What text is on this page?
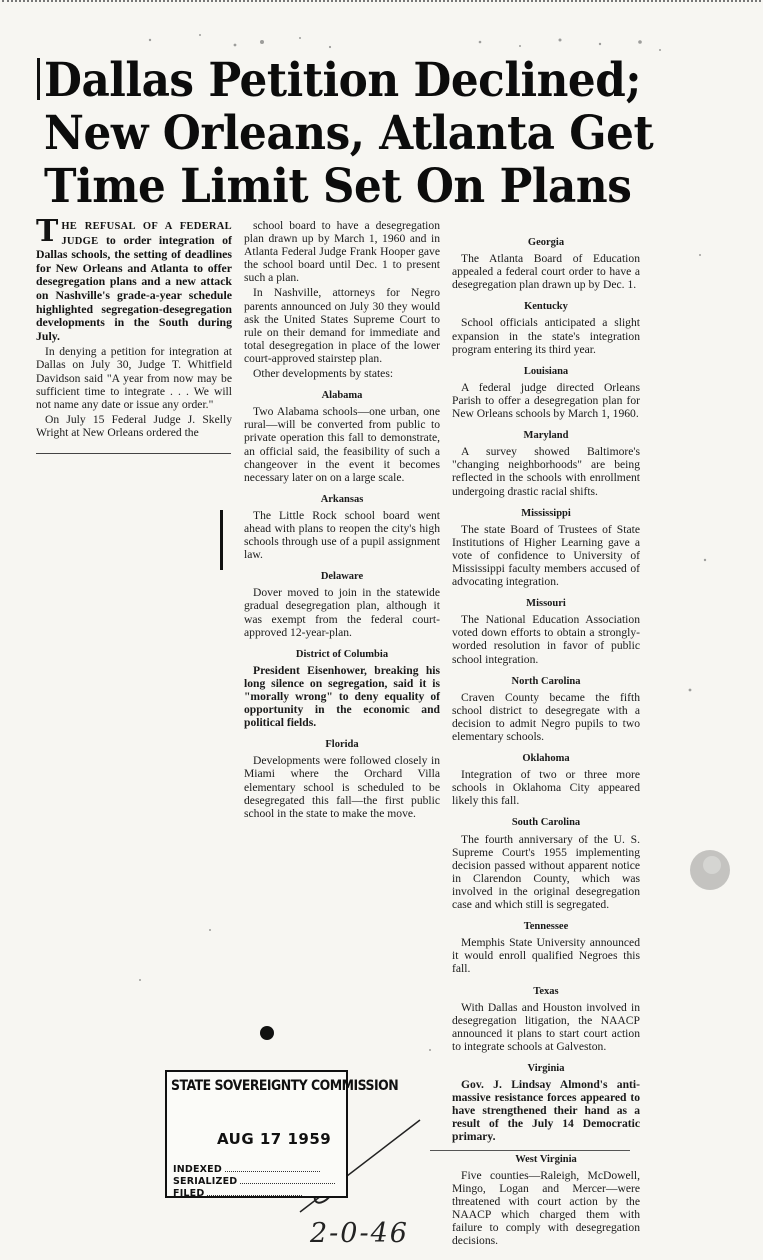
Dallas Petition Declined;
New Orleans, Atlanta Get
Time Limit Set On Plans

THE REFUSAL OF A FEDERAL JUDGE to order integration of Dallas schools, the setting of deadlines for New Orleans and Atlanta to offer desegregation plans and a new attack on Nashville's grade-a-year schedule highlighted segregation-desegregation developments in the South during July.

In denying a petition for integration at Dallas on July 30, Judge T. Whitfield Davidson said "A year from now may be sufficient time to integrate . . . We will not name any date or issue any order."

On July 15 Federal Judge J. Skelly Wright at New Orleans ordered the

school board to have a desegregation plan drawn up by March 1, 1960 and in Atlanta Federal Judge Frank Hooper gave the school board until Dec. 1 to present such a plan.

In Nashville, attorneys for Negro parents announced on July 30 they would ask the United States Supreme Court to rule on their demand for immediate and total desegregation in place of the lower court-approved stairstep plan.

Other developments by states:

Alabama

Two Alabama schools—one urban, one rural—will be converted from public to private operation this fall to demonstrate, an official said, the feasibility of such a changeover in the event it becomes necessary later on on a large scale.

Arkansas

The Little Rock school board went ahead with plans to reopen the city's high schools through use of a pupil assignment law.

Delaware

Dover moved to join in the statewide gradual desegregation plan, although it was exempt from the federal court-approved 12-year-plan.

District of Columbia

President Eisenhower, breaking his long silence on segregation, said it is "morally wrong" to deny equality of opportunity in the economic and political fields.

Florida

Developments were followed closely in Miami where the Orchard Villa elementary school is scheduled to be desegregated this fall—the first public school in the state to make the move.

Georgia

The Atlanta Board of Education appealed a federal court order to have a desegregation plan drawn up by Dec. 1.

Kentucky

School officials anticipated a slight expansion in the state's integration program entering its third year.

Louisiana

A federal judge directed Orleans Parish to offer a desegregation plan for New Orleans schools by March 1, 1960.

Maryland

A survey showed Baltimore's "changing neighborhoods" are being reflected in the schools with enrollment undergoing drastic racial shifts.

Mississippi

The state Board of Trustees of State Institutions of Higher Learning gave a vote of confidence to University of Mississippi faculty members accused of advocating integration.

Missouri

The National Education Association voted down efforts to obtain a strongly-worded resolution in favor of public school integration.

North Carolina

Craven County became the fifth school district to desegregate with a decision to admit Negro pupils to two elementary schools.

Oklahoma

Integration of two or three more schools in Oklahoma City appeared likely this fall.

South Carolina

The fourth anniversary of the U. S. Supreme Court's 1955 implementing decision passed without apparent notice in Clarendon County, which was involved in the original desegregation case and which still is segregated.

Tennessee

Memphis State University announced it would enroll qualified Negroes this fall.

Texas

With Dallas and Houston involved in desegregation litigation, the NAACP announced it plans to start court action to integrate schools at Galveston.

Virginia

Gov. J. Lindsay Almond's anti-massive resistance forces appeared to have strengthened their hand as a result of the July 14 Democratic primary.

West Virginia

Five counties—Raleigh, McDowell, Mingo, Logan and Mercer—were threatened with court action by the NAACP which charged them with failure to comply with desegregation decisions.

STATE SOVEREIGNTY COMMISSION
AUG 17 1959
INDEXED
SERIALIZED
FILED
2-0-46
